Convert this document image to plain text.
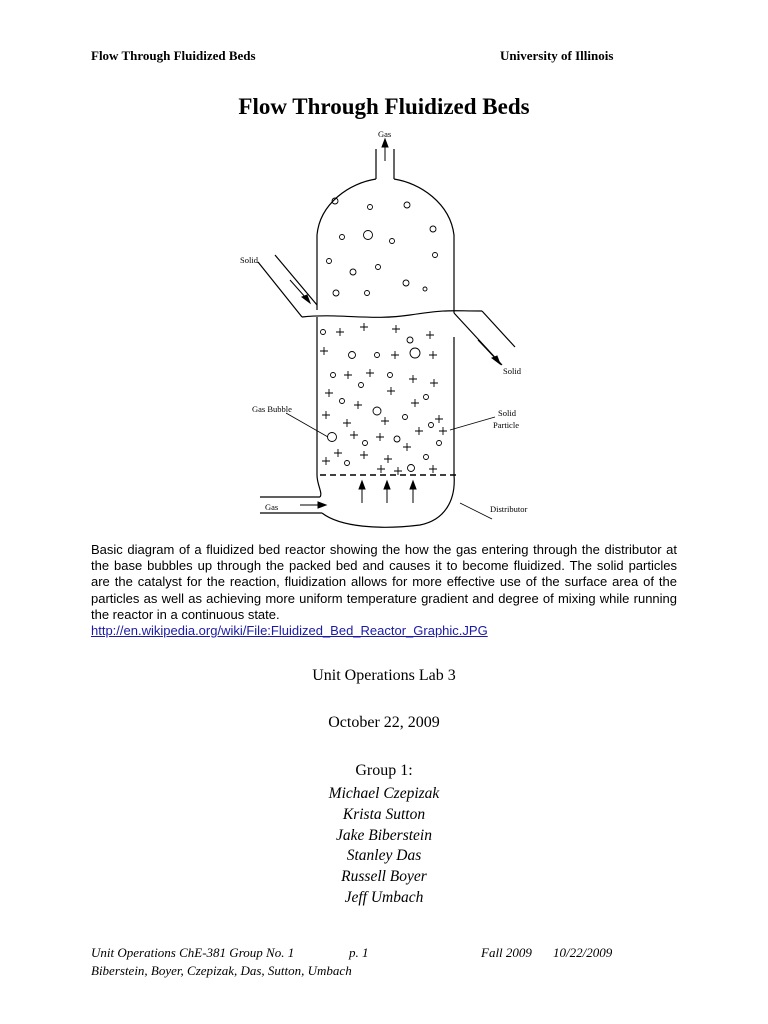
Flow Through Fluidized Beds	University of Illinois
Flow Through Fluidized Beds
Gas
Solid
Solid
Gas Bubble	Solid
Particle
Gas	Distributor

Basic diagram of a fluidized bed reactor showing the how the gas entering through the distributor at the base bubbles up through the packed bed and causes it to become fluidized. The solid particles are the catalyst for the reaction, fluidization allows for more effective use of the surface area of the particles as well as achieving more uniform temperature gradient and degree of mixing while running the reactor in a continuous state.
http://en.wikipedia.org/wiki/File:Fluidized_Bed_Reactor_Graphic.JPG

Unit Operations Lab 3
October 22, 2009
Group 1:
Michael Czepizak
Krista Sutton
Jake Biberstein
Stanley Das
Russell Boyer
Jeff Umbach
Unit Operations ChE-381 Group No. 1	p. 1	Fall 2009 10/22/2009
Biberstein, Boyer, Czepizak, Das, Sutton, Umbach
